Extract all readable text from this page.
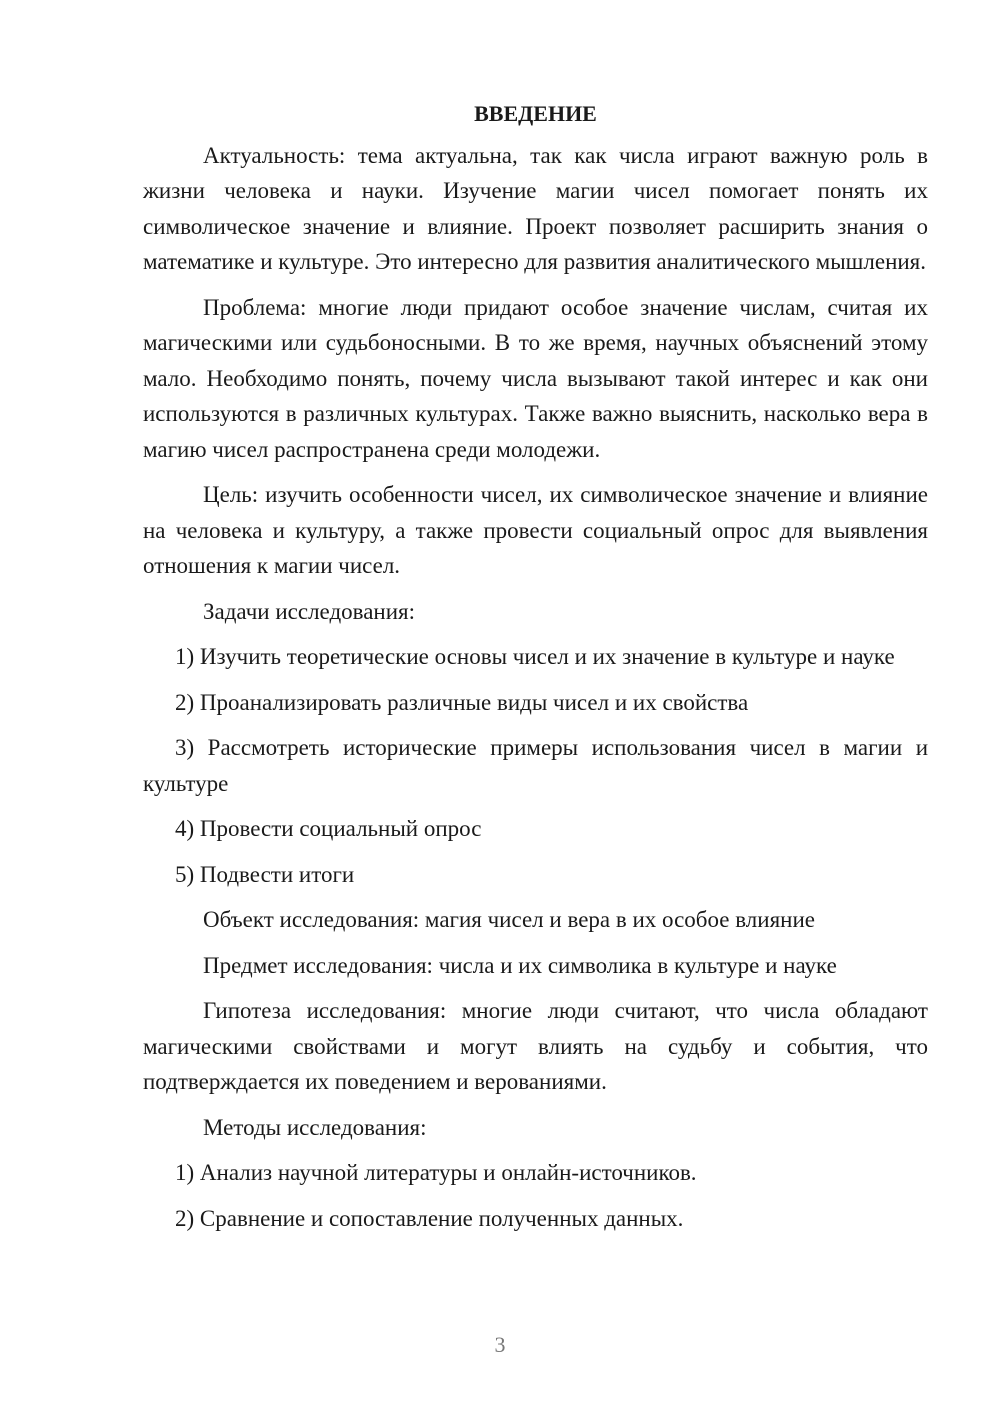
ВВЕДЕНИЕ

Актуальность: тема актуальна, так как числа играют важную роль в жизни человека и науки. Изучение магии чисел помогает понять их символическое значение и влияние. Проект позволяет расширить знания о математике и культуре. Это интересно для развития аналитического мышления.

Проблема: многие люди придают особое значение числам, считая их магическими или судьбоносными. В то же время, научных объяснений этому мало. Необходимо понять, почему числа вызывают такой интерес и как они используются в различных культурах. Также важно выяснить, насколько вера в магию чисел распространена среди молодежи.

Цель: изучить особенности чисел, их символическое значение и влияние на человека и культуру, а также провести социальный опрос для выявления отношения к магии чисел.

Задачи исследования:

1) Изучить теоретические основы чисел и их значение в культуре и науке

2) Проанализировать различные виды чисел и их свойства

3) Рассмотреть исторические примеры использования чисел в магии и культуре

4) Провести социальный опрос

5) Подвести итоги

Объект исследования: магия чисел и вера в их особое влияние

Предмет исследования: числа и их символика в культуре и науке

Гипотеза исследования: многие люди считают, что числа обладают магическими свойствами и могут влиять на судьбу и события, что подтверждается их поведением и верованиями.

Методы исследования:

1) Анализ научной литературы и онлайн-источников.

2) Сравнение и сопоставление полученных данных.

3
